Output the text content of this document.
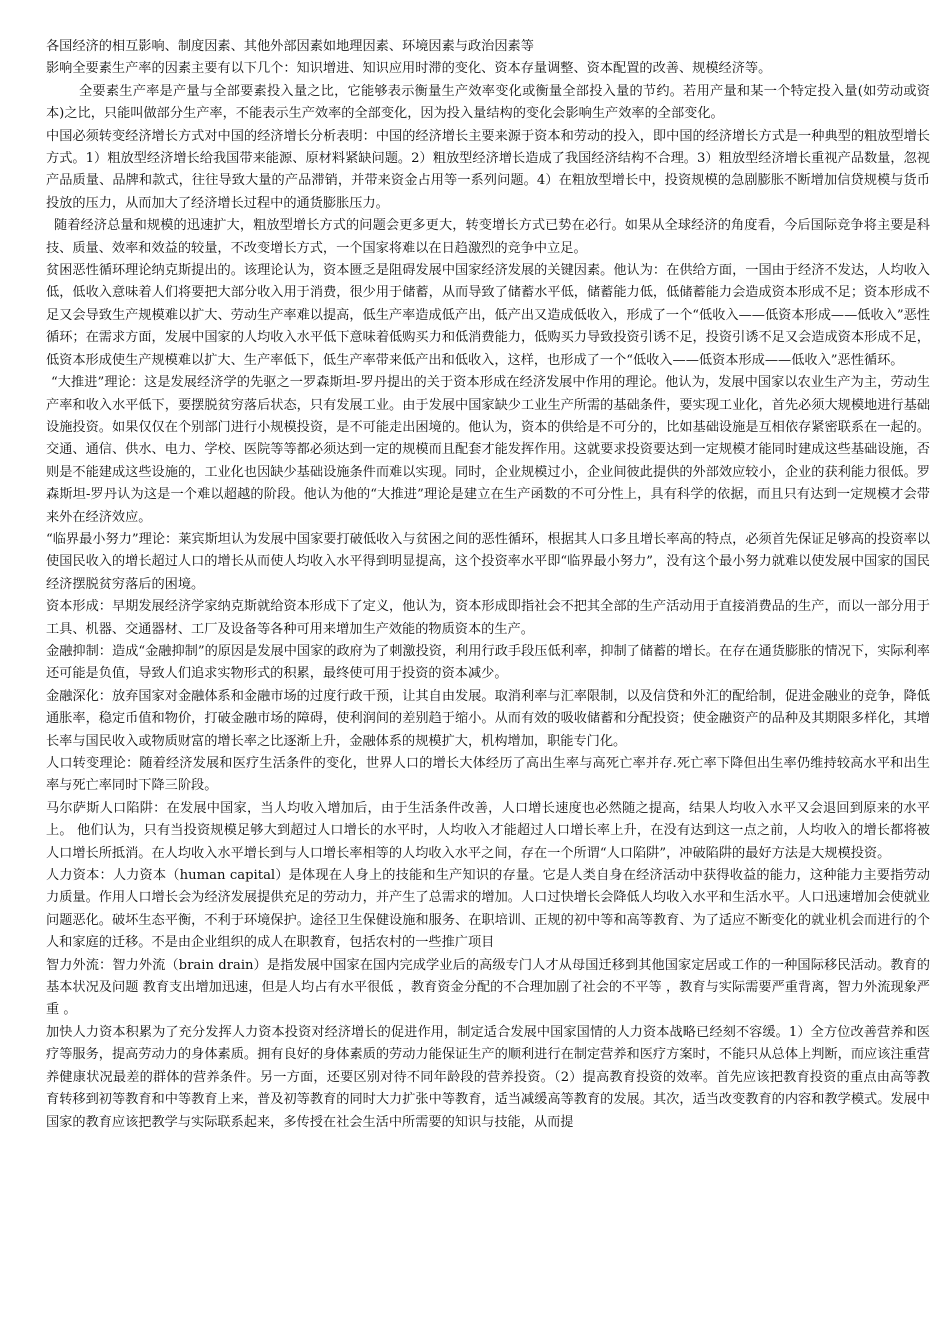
各国经济的相互影响、制度因素、其他外部因素如地理因素、环境因素与政治因素等

影响全要素生产率的因素主要有以下几个：知识增进、知识应用时滞的变化、资本存量调整、资本配置的改善、规模经济等。

全要素生产率是产量与全部要素投入量之比，它能够表示衡量生产效率变化或衡量全部投入量的节约。若用产量和某一个特定投入量(如劳动或资本)之比，只能叫做部分生产率，不能表示生产效率的全部变化，因为投入量结构的变化会影响生产效率的全部变化。

中国必须转变经济增长方式对中国的经济增长分析表明：中国的经济增长主要来源于资本和劳动的投入，即中国的经济增长方式是一种典型的粗放型增长方式。1）粗放型经济增长给我国带来能源、原材料紧缺问题。2）粗放型经济增长造成了我国经济结构不合理。3）粗放型经济增长重视产品数量，忽视产品质量、品牌和款式，往往导致大量的产品滞销，并带来资金占用等一系列问题。4）在粗放型增长中，投资规模的急剧膨胀不断增加信贷规模与货币投放的压力，从而加大了经济增长过程中的通货膨胀压力。

随着经济总量和规模的迅速扩大，粗放型增长方式的问题会更多更大，转变增长方式已势在必行。如果从全球经济的角度看，今后国际竞争将主要是科技、质量、效率和效益的较量，不改变增长方式，一个国家将难以在日趋激烈的竞争中立足。

贫困恶性循环理论纳克斯提出的。该理论认为，资本匮乏是阻碍发展中国家经济发展的关键因素。他认为：在供给方面，一国由于经济不发达，人均收入低，低收入意味着人们将要把大部分收入用于消费，很少用于储蓄，从而导致了储蓄水平低，储蓄能力低，低储蓄能力会造成资本形成不足；资本形成不足又会导致生产规模难以扩大、劳动生产率难以提高，低生产率造成低产出，低产出又造成低收入，形成了一个“低收入——低资本形成——低收入”恶性循环；在需求方面，发展中国家的人均收入水平低下意味着低购买力和低消费能力，低购买力导致投资引诱不足，投资引诱不足又会造成资本形成不足，低资本形成使生产规模难以扩大、生产率低下，低生产率带来低产出和低收入，这样，也形成了一个“低收入——低资本形成——低收入”恶性循环。

“大推进”理论：这是发展经济学的先驱之一罗森斯坦-罗丹提出的关于资本形成在经济发展中作用的理论。他认为，发展中国家以农业生产为主，劳动生产率和收入水平低下，要摆脱贫穷落后状态，只有发展工业。由于发展中国家缺少工业生产所需的基础条件，要实现工业化，首先必须大规模地进行基础设施投资。如果仅仅在个别部门进行小规模投资，是不可能走出困境的。他认为，资本的供给是不可分的，比如基础设施是互相依存紧密联系在一起的。交通、通信、供水、电力、学校、医院等等都必须达到一定的规模而且配套才能发挥作用。这就要求投资要达到一定规模才能同时建成这些基础设施，否则是不能建成这些设施的，工业化也因缺少基础设施条件而难以实现。同时，企业规模过小，企业间彼此提供的外部效应较小，企业的获利能力很低。罗森斯坦-罗丹认为这是一个难以超越的阶段。他认为他的“大推进”理论是建立在生产函数的不可分性上，具有科学的依据，而且只有达到一定规模才会带来外在经济效应。

“临界最小努力”理论：莱宾斯坦认为发展中国家要打破低收入与贫困之间的恶性循环，根据其人口多且增长率高的特点，必须首先保证足够高的投资率以使国民收入的增长超过人口的增长从而使人均收入水平得到明显提高，这个投资率水平即“临界最小努力”，没有这个最小努力就难以使发展中国家的国民经济摆脱贫穷落后的困境。

资本形成：早期发展经济学家纳克斯就给资本形成下了定义，他认为，资本形成即指社会不把其全部的生产活动用于直接消费品的生产，而以一部分用于工具、机器、交通器材、工厂及设备等各种可用来增加生产效能的物质资本的生产。

金融抑制：造成“金融抑制”的原因是发展中国家的政府为了刺激投资，利用行政手段压低利率，抑制了储蓄的增长。在存在通货膨胀的情况下，实际利率还可能是负值，导致人们追求实物形式的积累，最终使可用于投资的资本减少。

金融深化：放弃国家对金融体系和金融市场的过度行政干预，让其自由发展。取消利率与汇率限制，以及信贷和外汇的配给制，促进金融业的竞争，降低通胀率，稳定币值和物价，打破金融市场的障碍，使利润间的差别趋于缩小。从而有效的吸收储蓄和分配投资；使金融资产的品种及其期限多样化，其增长率与国民收入或物质财富的增长率之比逐渐上升，金融体系的规模扩大，机构增加，职能专门化。

人口转变理论：随着经济发展和医疗生活条件的变化，世界人口的增长大体经历了高出生率与高死亡率并存.死亡率下降但出生率仍维持较高水平和出生率与死亡率同时下降三阶段。

马尔萨斯人口陷阱：在发展中国家，当人均收入增加后，由于生活条件改善，人口增长速度也必然随之提高，结果人均收入水平又会退回到原来的水平上。 他们认为，只有当投资规模足够大到超过人口增长的水平时，人均收入才能超过人口增长率上升，在没有达到这一点之前，人均收入的增长都将被人口增长所抵消。在人均收入水平增长到与人口增长率相等的人均收入水平之间，存在一个所谓“人口陷阱”，冲破陷阱的最好方法是大规模投资。

人力资本：人力资本（human capital）是体现在人身上的技能和生产知识的存量。它是人类自身在经济活动中获得收益的能力，这种能力主要指劳动力质量。作用人口增长会为经济发展提供充足的劳动力，并产生了总需求的增加。人口过快增长会降低人均收入水平和生活水平。人口迅速增加会使就业问题恶化。破坏生态平衡，不利于环境保护。途径卫生保健设施和服务、在职培训、正规的初中等和高等教育、为了适应不断变化的就业机会而进行的个人和家庭的迁移。不是由企业组织的成人在职教育，包括农村的一些推广项目

智力外流：智力外流（brain drain）是指发展中国家在国内完成学业后的高级专门人才从母国迁移到其他国家定居或工作的一种国际移民活动。教育的基本状况及问题 教育支出增加迅速，但是人均占有水平很低 ，教育资金分配的不合理加剧了社会的不平等 ，教育与实际需要严重背离，智力外流现象严重 。

加快人力资本积累为了充分发挥人力资本投资对经济增长的促进作用，制定适合发展中国家国情的人力资本战略已经刻不容缓。1）全方位改善营养和医疗等服务，提高劳动力的身体素质。拥有良好的身体素质的劳动力能保证生产的顺利进行在制定营养和医疗方案时，不能只从总体上判断，而应该注重营养健康状况最差的群体的营养条件。另一方面，还要区别对待不同年龄段的营养投资。（2）提高教育投资的效率。首先应该把教育投资的重点由高等教育转移到初等教育和中等教育上来，普及初等教育的同时大力扩张中等教育，适当减缓高等教育的发展。其次，适当改变教育的内容和教学模式。发展中国家的教育应该把教学与实际联系起来，多传授在社会生活中所需要的知识与技能，从而提
